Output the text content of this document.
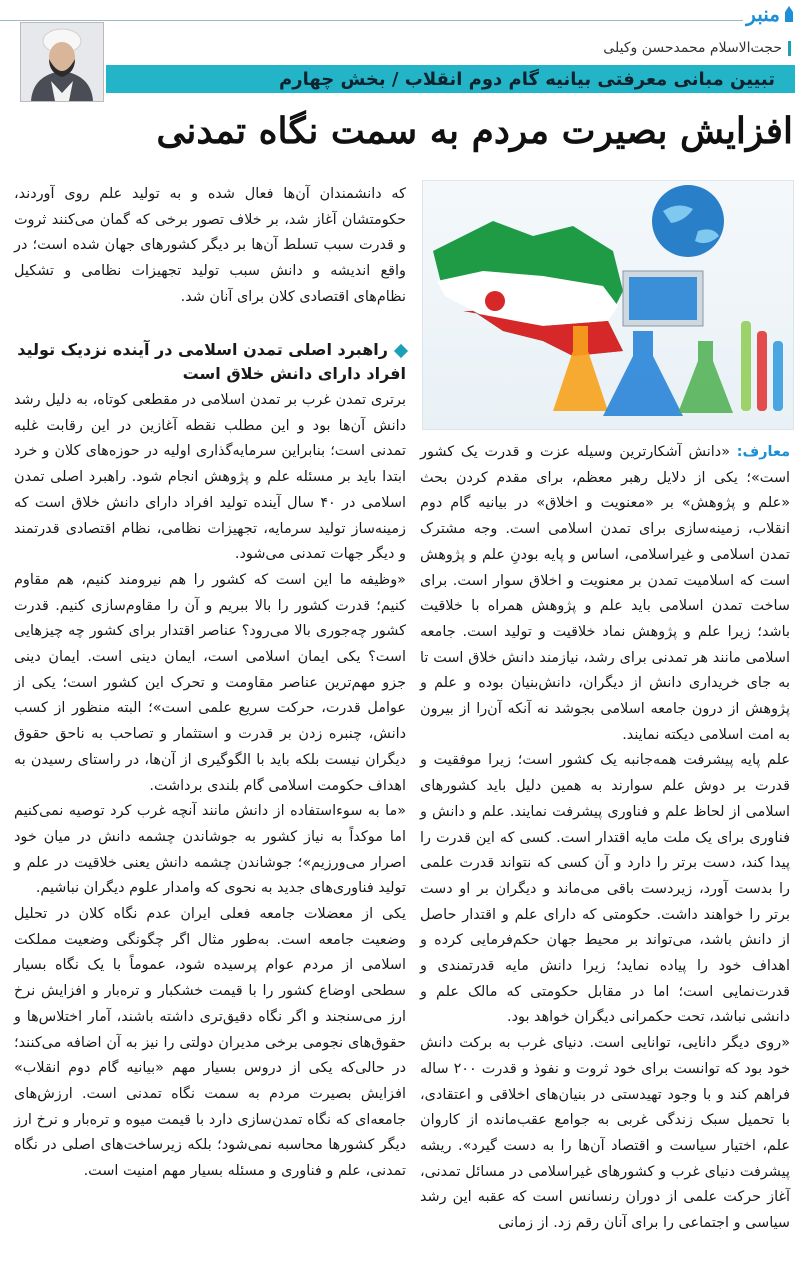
منبر
حجت‌الاسلام محمدحسن وکیلی
تبیین مبانی معرفتی بیانیه گام دوم انقلاب / بخش چهارم
افزایش بصیرت مردم به سمت نگاه تمدنی

که دانشمندان آن‌ها فعال شده و به تولید علم روی آوردند، حکومتشان آغاز شد، بر خلاف تصور برخی که گمان می‌کنند ثروت و قدرت سبب تسلط آن‌ها بر دیگر کشورهای جهان شده است؛ در واقع اندیشه و دانش سبب تولید تجهیزات نظامی و تشکیل نظام‌های اقتصادی کلان برای آنان شد.

راهبرد اصلی تمدن اسلامی در آینده نزدیک تولید افراد دارای دانش خلاق است

برتری تمدن غرب بر تمدن اسلامی در مقطعی کوتاه، به دلیل رشد دانش آن‌ها بود و این مطلب نقطه آغازین در این رقابت غلبه تمدنی است؛ بنابراین سرمایه‌گذاری اولیه در حوزه‌های کلان و خرد ابتدا باید بر مسئله علم و پژوهش انجام شود. راهبرد اصلی تمدن اسلامی در ۴۰ سال آینده تولید افراد دارای دانش خلاق است که زمینه‌ساز تولید سرمایه، تجهیزات نظامی، نظام اقتصادی قدرتمند و دیگر جهات تمدنی می‌شود.

«وظیفه ما این است که کشور را هم نیرومند کنیم، هم مقاوم کنیم؛ قدرت کشور را بالا ببریم و آن را مقاوم‌سازی کنیم. قدرت کشور چه‌جوری بالا می‌رود؟ عناصر اقتدار برای کشور چه چیزهایی است؟ یکی ایمان اسلامی است، ایمان دینی است. ایمان دینی جزو مهم‌ترین عناصر مقاومت و تحرک این کشور است؛ یکی از عوامل قدرت، حرکت سریع علمی است»؛ البته منظور از کسب دانش، چنبره زدن بر قدرت و استثمار و تصاحب به ناحق حقوق دیگران نیست بلکه باید با الگوگیری از آن‌ها، در راستای رسیدن به اهداف حکومت اسلامی گام بلندی برداشت.

«ما به سوءاستفاده از دانش مانند آنچه غرب کرد توصیه نمی‌کنیم اما موکداً به نیاز کشور به جوشاندن چشمه دانش در میان خود اصرار می‌ورزیم»؛ جوشاندن چشمه دانش یعنی خلاقیت در علم و تولید فناوری‌های جدید به نحوی که وامدار علوم دیگران نباشیم.

یکی از معضلات جامعه فعلی ایران عدم نگاه کلان در تحلیل وضعیت جامعه است. به‌طور مثال اگر چگونگی وضعیت مملکت اسلامی از مردم عوام پرسیده شود، عموماً با یک نگاه بسیار سطحی اوضاع کشور را با قیمت خشکبار و تره‌بار و افزایش نرخ ارز می‌سنجند و اگر نگاه دقیق‌تری داشته باشند، آمار اختلاس‌ها و حقوق‌های نجومی برخی مدیران دولتی را نیز به آن اضافه می‌کنند؛ در حالی‌که یکی از دروس بسیار مهم «بیانیه گام دوم انقلاب» افزایش بصیرت مردم به سمت نگاه تمدنی است. ارزش‌های جامعه‌ای که نگاه تمدن‌سازی دارد با قیمت میوه و تره‌بار و نرخ ارز دیگر کشورها محاسبه نمی‌شود؛ بلکه زیرساخت‌های اصلی در نگاه تمدنی، علم و فناوری و مسئله بسیار مهم امنیت است.

معارف: «دانش آشکارترین وسیله عزت و قدرت یک کشور است»؛ یکی از دلایل رهبر معظم، برای مقدم کردن بحث «علم و پژوهش» بر «معنویت و اخلاق» در بیانیه گام دوم انقلاب، زمینه‌سازی برای تمدن اسلامی است. وجه مشترک تمدن اسلامی و غیراسلامی، اساس و پایه بودنِ علم و پژوهش است که اسلامیت تمدن بر معنویت و اخلاق سوار است. برای ساخت تمدن اسلامی باید علم و پژوهش همراه با خلاقیت باشد؛ زیرا علم و پژوهش نماد خلاقیت و تولید است. جامعه اسلامی مانند هر تمدنی برای رشد، نیازمند دانش خلاق است تا به جای خریداری دانش از دیگران، دانش‌بنیان بوده و علم و پژوهش از درون جامعه اسلامی بجوشد نه آنکه آن‌را از بیرون به امت اسلامی دیکته نمایند.

علم پایه پیشرفت همه‌جانبه یک کشور است؛ زیرا موفقیت و قدرت بر دوش علم سوارند به همین دلیل باید کشورهای اسلامی از لحاظ علم و فناوری پیشرفت نمایند. علم و دانش و فناوری برای یک ملت مایه اقتدار است. کسی که این قدرت را پیدا کند، دست برتر را دارد و آن کسی که نتواند قدرت علمی را بدست آورد، زیردست باقی می‌ماند و دیگران بر او دست برتر را خواهند داشت. حکومتی که دارای علم و اقتدار حاصل از دانش باشد، می‌تواند بر محیط جهان حکم‌فرمایی کرده و اهداف خود را پیاده نماید؛ زیرا دانش مایه قدرتمندی و قدرت‌نمایی است؛ اما در مقابل حکومتی که مالک علم و دانشی نباشد، تحت حکمرانی دیگران خواهد بود.

«روی دیگر دانایی، توانایی است. دنیای غرب به برکت دانش خود بود که توانست برای خود ثروت و نفوذ و قدرت ۲۰۰ ساله فراهم کند و با وجود تهیدستی در بنیان‌های اخلاقی و اعتقادی، با تحمیل سبک زندگی غربی به جوامع عقب‌مانده از کاروان علم، اختیار سیاست و اقتصاد آن‌ها را به دست گیرد». ریشه پیشرفت دنیای غرب و کشورهای غیراسلامی در مسائل تمدنی، آغاز حرکت علمی از دوران رنسانس است که عقبه این رشد سیاسی و اجتماعی را برای آنان رقم زد. از زمانی
